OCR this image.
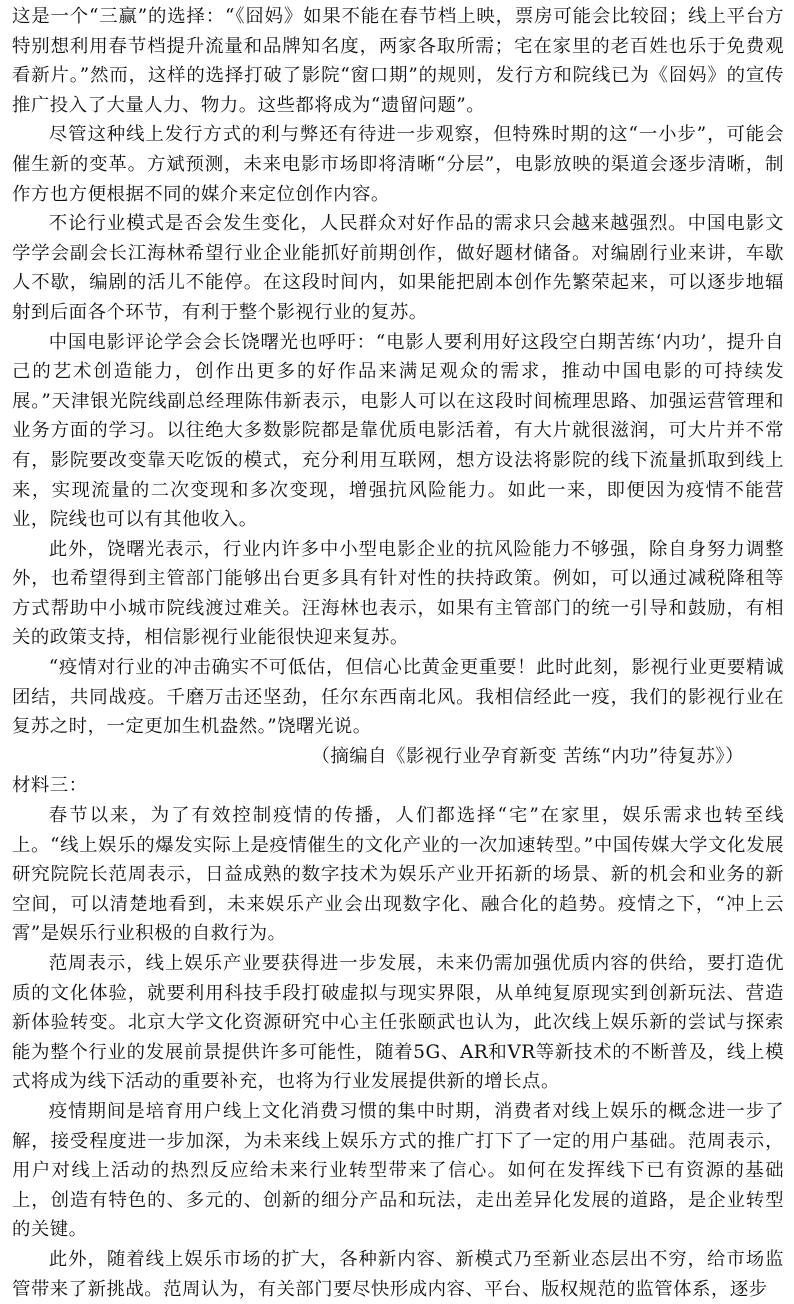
这是一个“三赢”的选择：“《囧妈》如果不能在春节档上映，票房可能会比较囧；线上平台方特别想利用春节档提升流量和品牌知名度，两家各取所需；宅在家里的老百姓也乐于免费观看新片。”然而，这样的选择打破了影院“窗口期”的规则，发行方和院线已为《囧妈》的宣传推广投入了大量人力、物力。这些都将成为“遗留问题”。

尽管这种线上发行方式的利与弊还有待进一步观察，但特殊时期的这“一小步”，可能会催生新的变革。方斌预测，未来电影市场即将清晰“分层”，电影放映的渠道会逐步清晰，制作方也方便根据不同的媒介来定位创作内容。

不论行业模式是否会发生变化，人民群众对好作品的需求只会越来越强烈。中国电影文学学会副会长江海林希望行业企业能抓好前期创作，做好题材储备。对编剧行业来讲，车歇人不歇，编剧的活儿不能停。在这段时间内，如果能把剧本创作先繁荣起来，可以逐步地辐射到后面各个环节，有利于整个影视行业的复苏。

中国电影评论学会会长饶曙光也呼吁：“电影人要利用好这段空白期苦练‘内功’，提升自己的艺术创造能力，创作出更多的好作品来满足观众的需求，推动中国电影的可持续发展。”天津银光院线副总经理陈伟新表示，电影人可以在这段时间梳理思路、加强运营管理和业务方面的学习。以往绝大多数影院都是靠优质电影活着，有大片就很滋润，可大片并不常有，影院要改变靠天吃饭的模式，充分利用互联网，想方设法将影院的线下流量抓取到线上来，实现流量的二次变现和多次变现，增强抗风险能力。如此一来，即便因为疫情不能营业，院线也可以有其他收入。

此外，饶曙光表示，行业内许多中小型电影企业的抗风险能力不够强，除自身努力调整外，也希望得到主管部门能够出台更多具有针对性的扶持政策。例如，可以通过减税降租等方式帮助中小城市院线渡过难关。汪海林也表示，如果有主管部门的统一引导和鼓励，有相关的政策支持，相信影视行业能很快迎来复苏。

“疫情对行业的冲击确实不可低估，但信心比黄金更重要！此时此刻，影视行业更要精诚团结，共同战疫。千磨万击还坚劲，任尔东西南北风。我相信经此一疫，我们的影视行业在复苏之时，一定更加生机盎然。”饶曙光说。

（摘编自《影视行业孕育新变 苦练“内功”待复苏》）

材料三：

春节以来，为了有效控制疫情的传播，人们都选择“宅”在家里，娱乐需求也转至线上。“线上娱乐的爆发实际上是疫情催生的文化产业的一次加速转型。”中国传媒大学文化发展研究院院长范周表示，日益成熟的数字技术为娱乐产业开拓新的场景、新的机会和业务的新空间，可以清楚地看到，未来娱乐产业会出现数字化、融合化的趋势。疫情之下，“冲上云霄”是娱乐行业积极的自救行为。

范周表示，线上娱乐产业要获得进一步发展，未来仍需加强优质内容的供给，要打造优质的文化体验，就要利用科技手段打破虚拟与现实界限，从单纯复原现实到创新玩法、营造新体验转变。北京大学文化资源研究中心主任张颐武也认为，此次线上娱乐新的尝试与探索能为整个行业的发展前景提供许多可能性，随着5G、AR和VR等新技术的不断普及，线上模式将成为线下活动的重要补充，也将为行业发展提供新的增长点。

疫情期间是培育用户线上文化消费习惯的集中时期，消费者对线上娱乐的概念进一步了解，接受程度进一步加深，为未来线上娱乐方式的推广打下了一定的用户基础。范周表示，用户对线上活动的热烈反应给未来行业转型带来了信心。如何在发挥线下已有资源的基础上，创造有特色的、多元的、创新的细分产品和玩法，走出差异化发展的道路，是企业转型的关键。

此外，随着线上娱乐市场的扩大，各种新内容、新模式乃至新业态层出不穷，给市场监管带来了新挑战。范周认为，有关部门要尽快形成内容、平台、版权规范的监管体系，逐步
